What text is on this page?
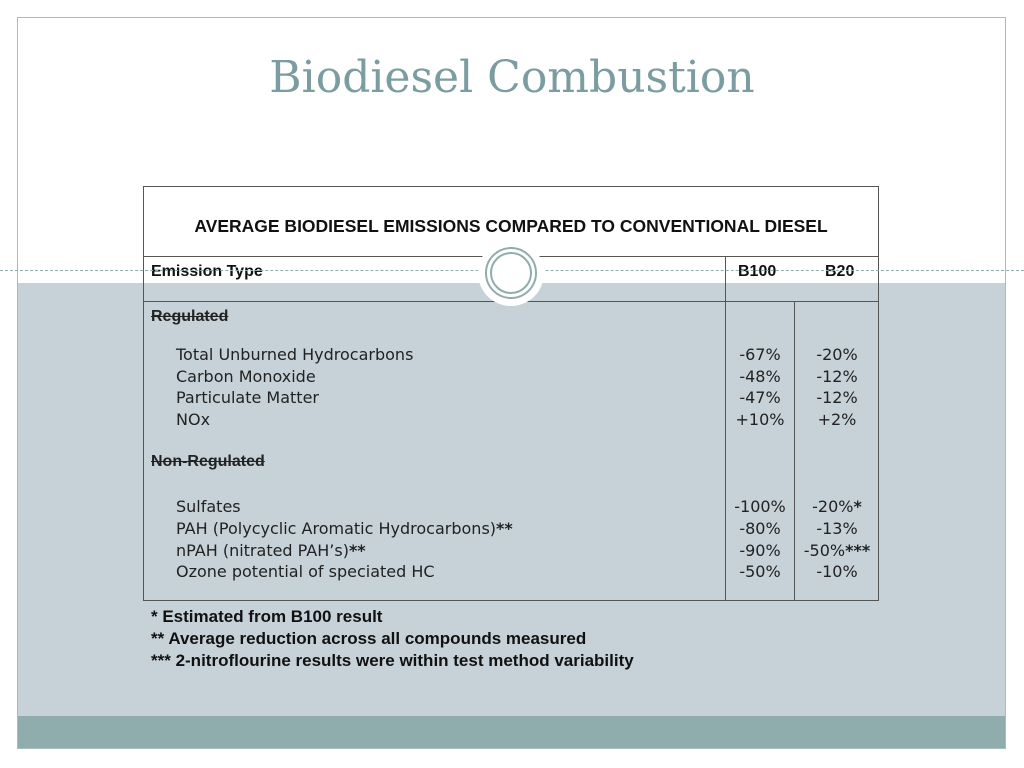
Biodiesel Combustion
AVERAGE BIODIESEL EMISSIONS COMPARED TO CONVENTIONAL DIESEL
Emission Type	B100	B20
Regulated
Total Unburned Hydrocarbons	-67%	-20%
Carbon Monoxide	-48%	-12%
Particulate Matter	-47%	-12%
NOx	+10%	+2%
Non-Regulated
Sulfates	-100%	-20%*
PAH (Polycyclic Aromatic Hydrocarbons)**	-80%	-13%
nPAH (nitrated PAH’s)**	-90%	-50%***
Ozone potential of speciated HC	-50%	-10%
* Estimated from B100 result
** Average reduction across all compounds measured
*** 2-nitroflourine results were within test method variability
